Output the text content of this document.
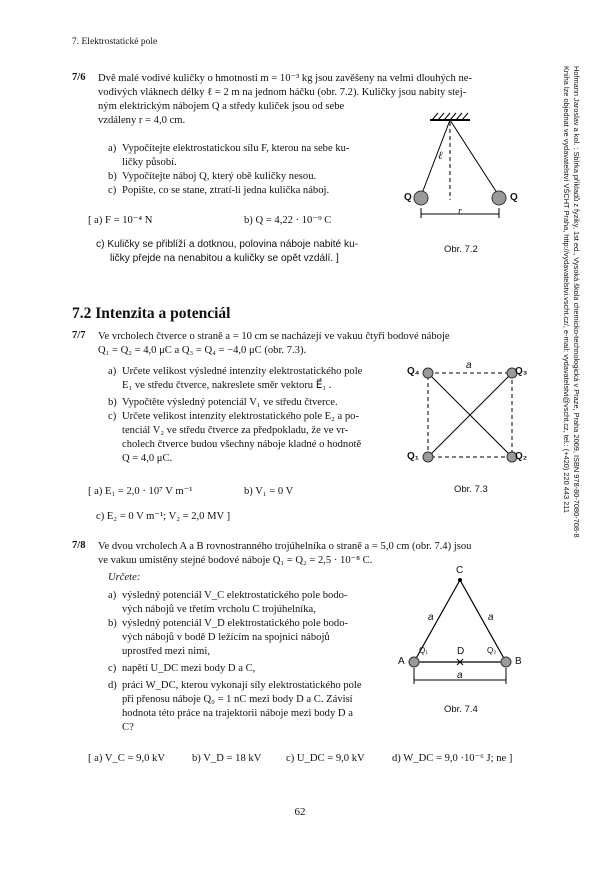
7. Elektrostatické pole
Hofmann Jaroslav a kol. : Sbírka příkladů z fyziky, 1st ed., Vysoká škola chemicko-technologická v Praze, Praha 2009, ISBN 978-80-7080-708-8
Kniha lze objednat ve vydavatelství VŠCHT Praha, http://vydavatelstvi.vscht.cz/, e-mail: vydavatelstvi@vscht.cz, tel.: (+420) 220 443 211
7/6 Dvě malé vodivé kuličky o hmotnosti m = 10⁻³ kg jsou zavěšeny na velmi dlouhých ne-
vodivých vláknech délky ℓ = 2 m na jednom háčku (obr. 7.2). Kuličky jsou nabity stej-
ným elektrickým nábojem Q a středy kuliček jsou od sebe
vzdáleny r = 4,0 cm.
a) Vypočítejte elektrostatickou sílu F, kterou na sebe ku-
ličky působí.
b) Vypočítejte náboj Q, který obě kuličky nesou.
c) Popište, co se stane, ztratí-li jedna kulička náboj.
[ a) F = 10⁻⁴ N	b) Q = 4,22 · 10⁻⁹ C
c) Kuličky se přiblíží a dotknou, polovina náboje nabité ku-
ličky přejde na nenabitou a kuličky se opět vzdálí. ]
Q	Q
ℓ
r
Obr. 7.2
7.2 Intenzita a potenciál
7/7 Ve vrcholech čtverce o straně a = 10 cm se nacházejí ve vakuu čtyři bodové náboje
Q₁ = Q₂ = 4,0 μC a Q₃ = Q₄ = −4,0 μC (obr. 7.3).
a) Určete velikost výsledné intenzity elektrostatického pole
E₁ ve středu čtverce, nakreslete směr vektoru E⃗₁ .
b) Vypočtěte výsledný potenciál V₁ ve středu čtverce.
c) Určete velikost intenzity elektrostatického pole E₂ a po-
tenciál V₂ ve středu čtverce za předpokladu, že ve vr-
cholech čtverce budou všechny náboje kladné o hodnotě
Q = 4,0 μC.
[ a) E₁ = 2,0 · 10⁷ V m⁻¹	b) V₁ = 0 V
c) E₂ = 0 V m⁻¹; V₂ = 2,0 MV ]
Q₄	Q₃
Q₁	Q₂
a
Obr. 7.3
7/8 Ve dvou vrcholech A a B rovnostranného trojúhelníka o straně a = 5,0 cm (obr. 7.4) jsou
ve vakuu umístěny stejné bodové náboje Q₁ = Q₂ = 2,5 · 10⁻⁸ C.
Určete:
a) výsledný potenciál V_C elektrostatického pole bodo-
vých nábojů ve třetím vrcholu C trojúhelníka,
b) výsledný potenciál V_D elektrostatického pole bodo-
vých nábojů v bodě D ležícím na spojnici nábojů
uprostřed mezi nimi,
c) napětí U_DC mezi body D a C,
d) práci W_DC, kterou vykonají síly elektrostatického pole
při přenosu náboje Q₀ = 1 nC mezi body D a C. Závisí
hodnota této práce na trajektorii náboje mezi body D a
C?
C
A	B
D
Q₁	Q₂
a	a
a
Obr. 7.4
[ a) V_C = 9,0 kV	b) V_D = 18 kV c) U_DC = 9,0 kV	d) W_DC = 9,0 ·10⁻⁶ J; ne ]
62
